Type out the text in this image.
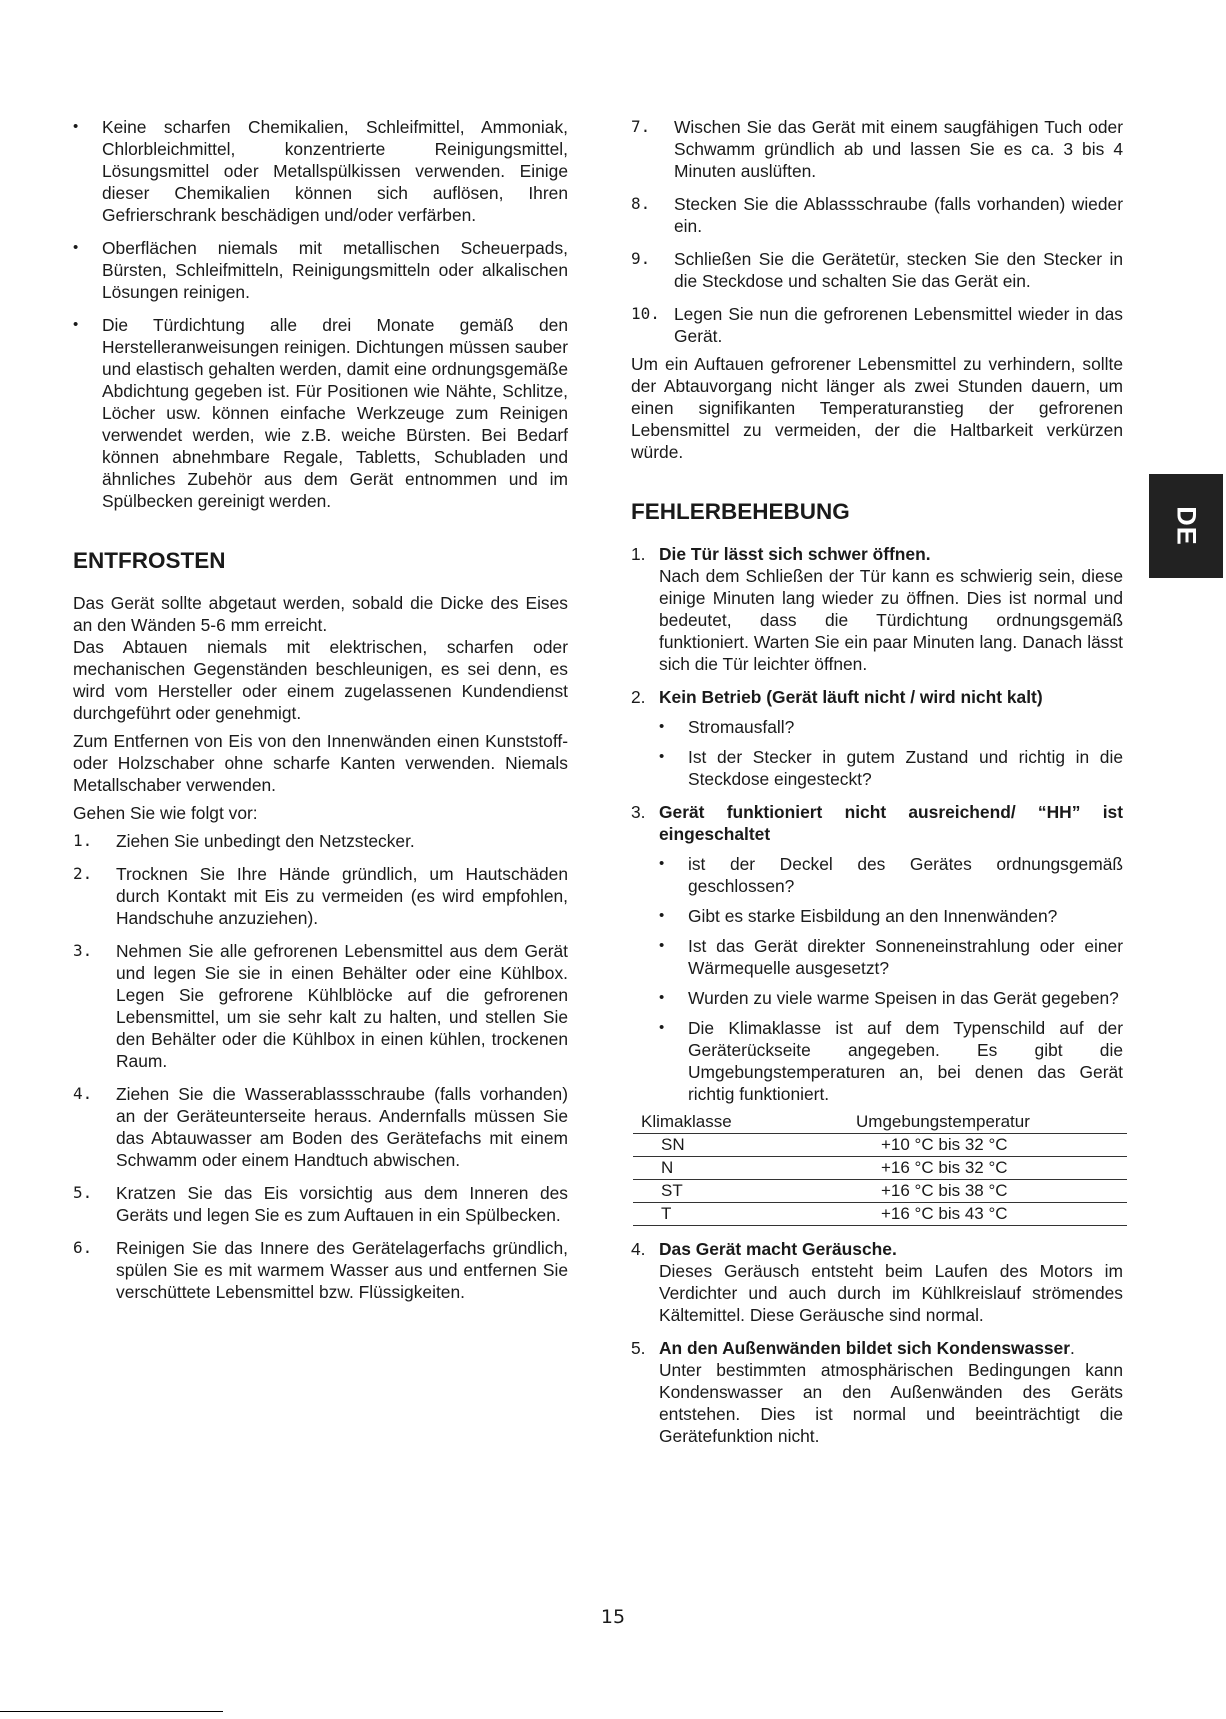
• Keine scharfen Chemikalien, Schleifmittel, Ammoniak, Chlorbleichmittel, konzentrierte Reinigungsmittel, Lösungsmittel oder Metallspülkissen verwenden. Einige dieser Chemikalien können sich auflösen, Ihren Gefrierschrank beschädigen und/oder verfärben.
• Oberflächen niemals mit metallischen Scheuerpads, Bürsten, Schleifmitteln, Reinigungsmitteln oder alkalischen Lösungen reinigen.
• Die Türdichtung alle drei Monate gemäß den Herstelleranweisungen reinigen. Dichtungen müssen sauber und elastisch gehalten werden, damit eine ordnungsgemäße Abdichtung gegeben ist. Für Positionen wie Nähte, Schlitze, Löcher usw. können einfache Werkzeuge zum Reinigen verwendet werden, wie z.B. weiche Bürsten. Bei Bedarf können abnehmbare Regale, Tabletts, Schubladen und ähnliches Zubehör aus dem Gerät entnommen und im Spülbecken gereinigt werden.
ENTFROSTEN

Das Gerät sollte abgetaut werden, sobald die Dicke des Eises an den Wänden 5-6 mm erreicht.

Das Abtauen niemals mit elektrischen, scharfen oder mechanischen Gegenständen beschleunigen, es sei denn, es wird vom Hersteller oder einem zugelassenen Kundendienst durchgeführt oder genehmigt.

Zum Entfernen von Eis von den Innenwänden einen Kunststoff- oder Holzschaber ohne scharfe Kanten verwenden. Niemals Metallschaber verwenden.

Gehen Sie wie folgt vor:

1. Ziehen Sie unbedingt den Netzstecker.
2. Trocknen Sie Ihre Hände gründlich, um Hautschäden durch Kontakt mit Eis zu vermeiden (es wird empfohlen, Handschuhe anzuziehen).
3. Nehmen Sie alle gefrorenen Lebensmittel aus dem Gerät und legen Sie sie in einen Behälter oder eine Kühlbox. Legen Sie gefrorene Kühlblöcke auf die gefrorenen Lebensmittel, um sie sehr kalt zu halten, und stellen Sie den Behälter oder die Kühlbox in einen kühlen, trockenen Raum.
4. Ziehen Sie die Wasserablassschraube (falls vorhanden) an der Geräteunterseite heraus. Andernfalls müssen Sie das Abtauwasser am Boden des Gerätefachs mit einem Schwamm oder einem Handtuch abwischen.
5. Kratzen Sie das Eis vorsichtig aus dem Inneren des Geräts und legen Sie es zum Auftauen in ein Spülbecken.
6. Reinigen Sie das Innere des Gerätelagerfachs gründlich, spülen Sie es mit warmem Wasser aus und entfernen Sie verschüttete Lebensmittel bzw. Flüssigkeiten.
7. Wischen Sie das Gerät mit einem saugfähigen Tuch oder Schwamm gründlich ab und lassen Sie es ca. 3 bis 4 Minuten auslüften.
8. Stecken Sie die Ablassschraube (falls vorhanden) wieder ein.
9. Schließen Sie die Gerätetür, stecken Sie den Stecker in die Steckdose und schalten Sie das Gerät ein.
10. Legen Sie nun die gefrorenen Lebensmittel wieder in das Gerät.

Um ein Auftauen gefrorener Lebensmittel zu verhindern, sollte der Abtauvorgang nicht länger als zwei Stunden dauern, um einen signifikanten Temperaturanstieg der gefrorenen Lebensmittel zu vermeiden, der die Haltbarkeit verkürzen würde.

FEHLERBEHEBUNG
1. Die Tür lässt sich schwer öffnen.
Nach dem Schließen der Tür kann es schwierig sein, diese einige Minuten lang wieder zu öffnen. Dies ist normal und bedeutet, dass die Türdichtung ordnungsgemäß funktioniert. Warten Sie ein paar Minuten lang. Danach lässt sich die Tür leichter öffnen.
2. Kein Betrieb (Gerät läuft nicht / wird nicht kalt)
• Stromausfall?
• Ist der Stecker in gutem Zustand und richtig in die Steckdose eingesteckt?
3. Gerät funktioniert nicht ausreichend/ “HH” ist eingeschaltet
• ist der Deckel des Gerätes ordnungsgemäß geschlossen?
• Gibt es starke Eisbildung an den Innenwänden?
• Ist das Gerät direkter Sonneneinstrahlung oder einer Wärmequelle ausgesetzt?
• Wurden zu viele warme Speisen in das Gerät gegeben?
• Die Klimaklasse ist auf dem Typenschild auf der Geräterückseite angegeben. Es gibt die Umgebungstemperaturen an, bei denen das Gerät richtig funktioniert.
Klimaklasse	Umgebungstemperatur
SN	+10 °C bis 32 °C
N	+16 °C bis 32 °C
ST	+16 °C bis 38 °C
T	+16 °C bis 43 °C
4. Das Gerät macht Geräusche.
Dieses Geräusch entsteht beim Laufen des Motors im Verdichter und auch durch im Kühlkreislauf strömendes Kältemittel. Diese Geräusche sind normal.
5. An den Außenwänden bildet sich Kondenswasser.
Unter bestimmten atmosphärischen Bedingungen kann Kondenswasser an den Außenwänden des Geräts entstehen. Dies ist normal und beeinträchtigt die Gerätefunktion nicht.
DE
15
